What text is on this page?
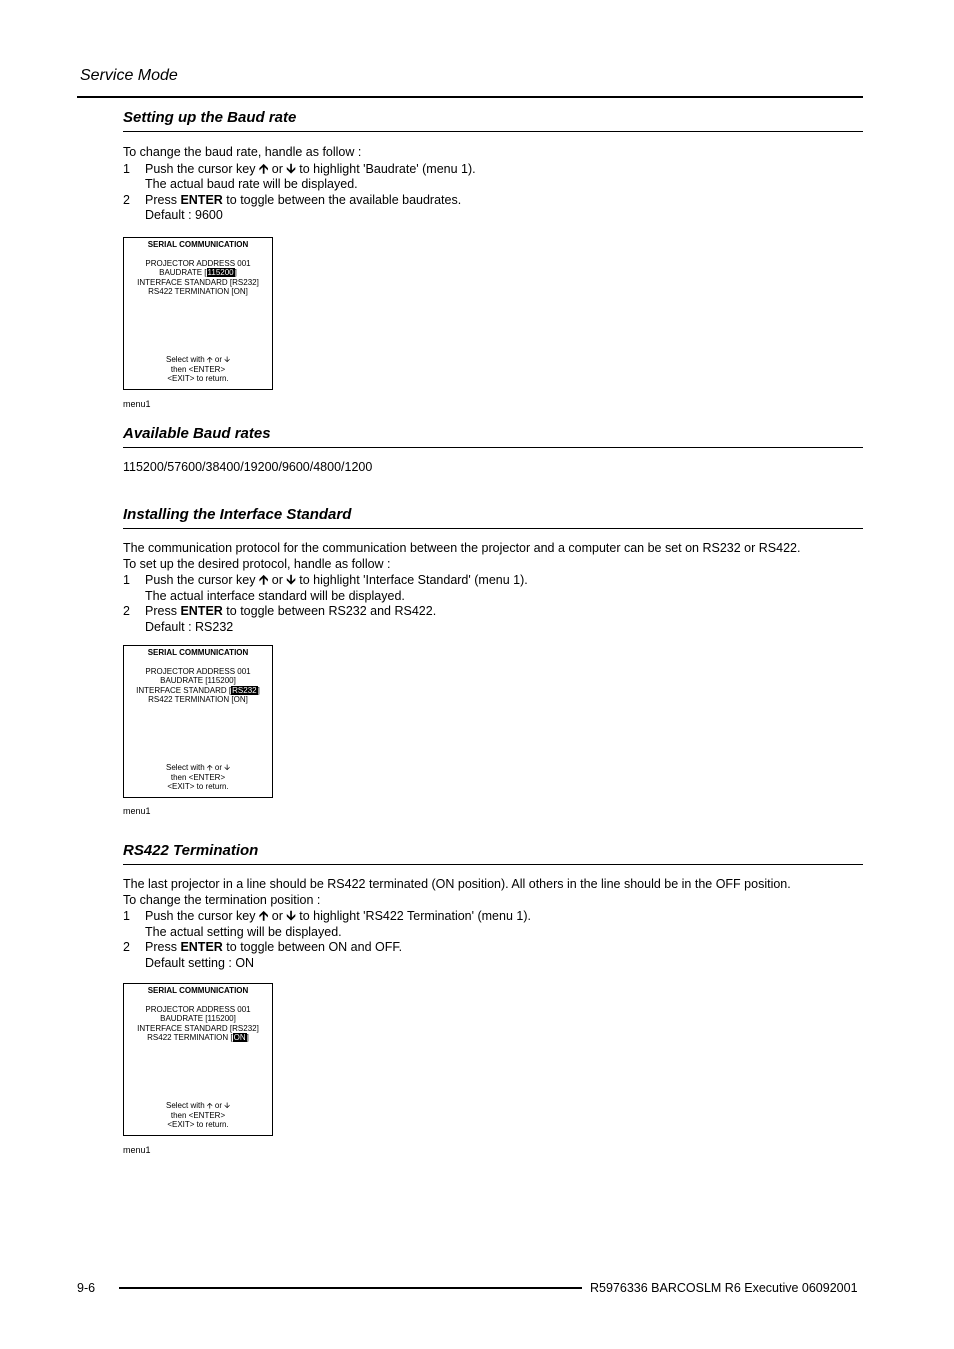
Service Mode
Setting up the Baud rate
To change the baud rate, handle as follow :
1 Push the cursor key 🡩 or 🡫 to highlight 'Baudrate' (menu 1).
The actual baud rate will be displayed.
2 Press ENTER to toggle between the available baudrates.
Default : 9600
SERIAL COMMUNICATION
PROJECTOR ADDRESS 001
BAUDRATE [115200]
INTERFACE STANDARD [RS232]
RS422 TERMINATION [ON]
Select with 🡩 or 🡫
then <ENTER>
<EXIT> to return.
menu1
Available Baud rates
115200/57600/38400/19200/9600/4800/1200
Installing the Interface Standard
The communication protocol for the communication between the projector and a computer can be set on RS232 or RS422.
To set up the desired protocol, handle as follow :
1 Push the cursor key 🡩 or 🡫 to highlight 'Interface Standard' (menu 1).
The actual interface standard will be displayed.
2 Press ENTER to toggle between RS232 and RS422.
Default : RS232
SERIAL COMMUNICATION
PROJECTOR ADDRESS 001
BAUDRATE [115200]
INTERFACE STANDARD [RS232]
RS422 TERMINATION [ON]
Select with 🡩 or 🡫
then <ENTER>
<EXIT> to return.
menu1
RS422 Termination
The last projector in a line should be RS422 terminated (ON position). All others in the line should be in the OFF position.
To change the termination position :
1 Push the cursor key 🡩 or 🡫 to highlight 'RS422 Termination' (menu 1).
The actual setting will be displayed.
2 Press ENTER to toggle between ON and OFF.
Default setting : ON
SERIAL COMMUNICATION
PROJECTOR ADDRESS 001
BAUDRATE [115200]
INTERFACE STANDARD [RS232]
RS422 TERMINATION [ON]
Select with 🡩 or 🡫
then <ENTER>
<EXIT> to return.
menu1
9-6	R5976336 BARCOSLM R6 Executive 06092001
